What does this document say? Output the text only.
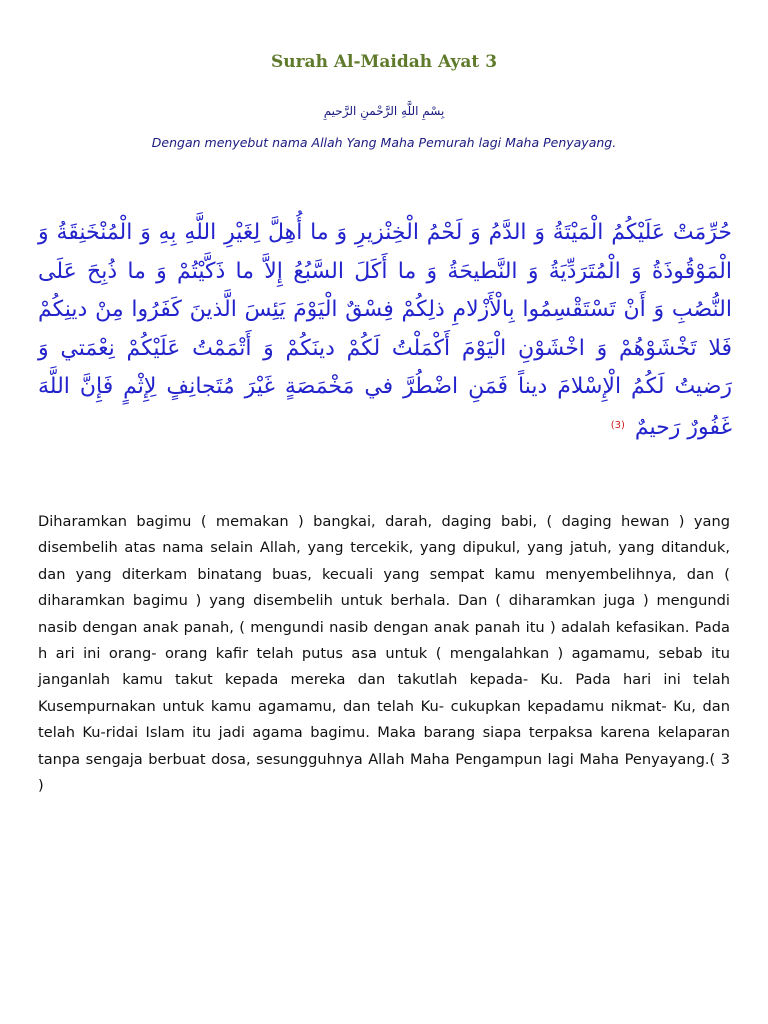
Surah Al-Maidah Ayat 3
بِسْمِ اللَّهِ الرَّحْمنِ الرَّحيمِ
Dengan menyebut nama Allah Yang Maha Pemurah lagi Maha Penyayang.
حُرِّمَتْ عَلَيْكُمُ الْمَيْتَةُ وَ الدَّمُ وَ لَحْمُ الْخِنْزيرِ وَ ما أُهِلَّ لِغَيْرِ اللَّهِ بِهِ وَ الْمُنْخَنِقَةُ وَ الْمَوْقُوذَةُ وَ الْمُتَرَدِّيَةُ وَ النَّطيحَةُ وَ ما أَكَلَ السَّبُعُ إِلاَّ ما ذَكَّيْتُمْ وَ ما ذُبِحَ عَلَى النُّصُبِ وَ أَنْ تَسْتَقْسِمُوا بِالْأَزْلامِ ذلِكُمْ فِسْقٌ الْيَوْمَ يَئِسَ الَّذينَ كَفَرُوا مِنْ دينِكُمْ فَلا تَخْشَوْهُمْ وَ اخْشَوْنِ الْيَوْمَ أَكْمَلْتُ لَكُمْ دينَكُمْ وَ أَتْمَمْتُ عَلَيْكُمْ نِعْمَتي وَ رَضيتُ لَكُمُ الْإِسْلامَ ديناً فَمَنِ اضْطُرَّ في مَخْمَصَةٍ غَيْرَ مُتَجانِفٍ لِإِثْمٍ فَإِنَّ اللَّهَ غَفُورٌ رَحيمٌ$^{(3)}$
Diharamkan bagimu ( memakan ) bangkai, darah, daging babi, ( daging hewan ) yang disembelih atas nama selain Allah, yang tercekik, yang dipukul, yang jatuh, yang ditanduk, dan yang diterkam binatang buas, kecuali yang sempat kamu menyembelihnya, dan ( diharamkan bagimu ) yang disembelih untuk berhala. Dan ( diharamkan juga ) mengundi nasib dengan anak panah, ( mengundi nasib dengan anak panah itu ) adalah kefasikan. Pada h ari ini orang- orang kafir telah putus asa untuk ( mengalahkan ) agamamu, sebab itu janganlah kamu takut kepada mereka dan takutlah kepada- Ku. Pada hari ini telah Kusempurnakan untuk kamu agamamu, dan telah Ku- cukupkan kepadamu nikmat- Ku, dan telah Ku-ridai Islam itu jadi agama bagimu. Maka barang siapa terpaksa karena kelaparan tanpa sengaja berbuat dosa, sesungguhnya Allah Maha Pengampun lagi Maha Penyayang.( 3 )
